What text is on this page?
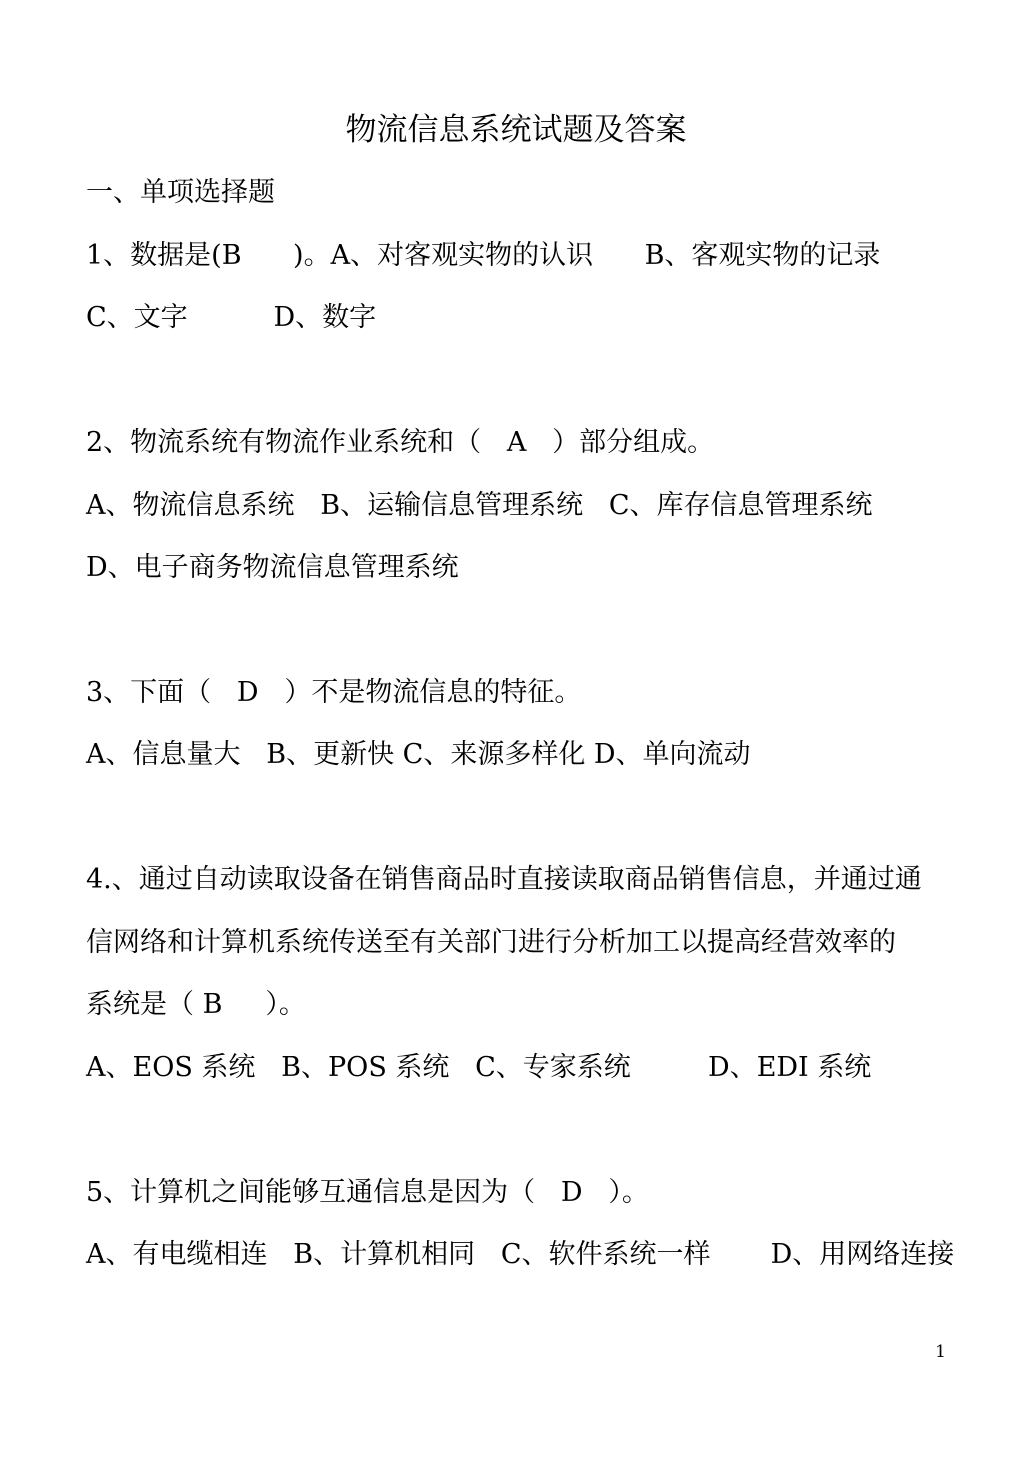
物流信息系统试题及答案

一、单项选择题

1、数据是(B      )。A、对客观实物的认识      B、客观实物的记录

C、文字          D、数字

2、物流系统有物流作业系统和（   A   ）部分组成。

A、物流信息系统   B、运输信息管理系统   C、库存信息管理系统

D、电子商务物流信息管理系统

3、下面（   D   ）不是物流信息的特征。

A、信息量大   B、更新快 C、来源多样化 D、单向流动

4.、通过自动读取设备在销售商品时直接读取商品销售信息，并通过通

信网络和计算机系统传送至有关部门进行分析加工以提高经营效率的

系统是（ B     ）。

A、EOS 系统   B、POS 系统   C、专家系统         D、EDI 系统

5、计算机之间能够互通信息是因为（   D   ）。

A、有电缆相连   B、计算机相同   C、软件系统一样       D、用网络连接

1
